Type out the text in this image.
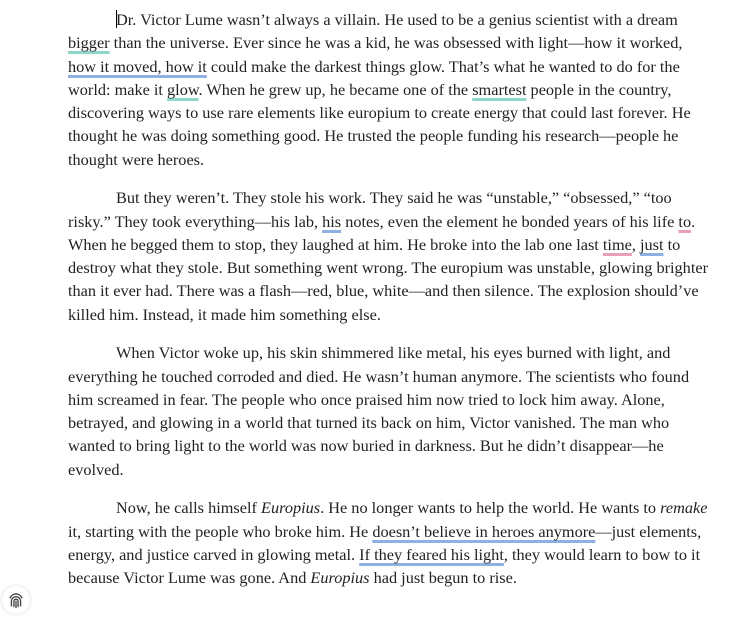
Dr. Victor Lume wasn’t always a villain. He used to be a genius scientist with a dream bigger than the universe. Ever since he was a kid, he was obsessed with light—how it worked, how it moved, how it could make the darkest things glow. That’s what he wanted to do for the world: make it glow. When he grew up, he became one of the smartest people in the country, discovering ways to use rare elements like europium to create energy that could last forever. He thought he was doing something good. He trusted the people funding his research—people he thought were heroes.

But they weren’t. They stole his work. They said he was “unstable,” “obsessed,” “too risky.” They took everything—his lab, his notes, even the element he bonded years of his life to. When he begged them to stop, they laughed at him. He broke into the lab one last time, just to destroy what they stole. But something went wrong. The europium was unstable, glowing brighter than it ever had. There was a flash—red, blue, white—and then silence. The explosion should’ve killed him. Instead, it made him something else.

When Victor woke up, his skin shimmered like metal, his eyes burned with light, and everything he touched corroded and died. He wasn’t human anymore. The scientists who found him screamed in fear. The people who once praised him now tried to lock him away. Alone, betrayed, and glowing in a world that turned its back on him, Victor vanished. The man who wanted to bring light to the world was now buried in darkness. But he didn’t disappear—he evolved.

Now, he calls himself Europius. He no longer wants to help the world. He wants to remake it, starting with the people who broke him. He doesn’t believe in heroes anymore—just elements, energy, and justice carved in glowing metal. If they feared his light, they would learn to bow to it because Victor Lume was gone. And Europius had just begun to rise.
